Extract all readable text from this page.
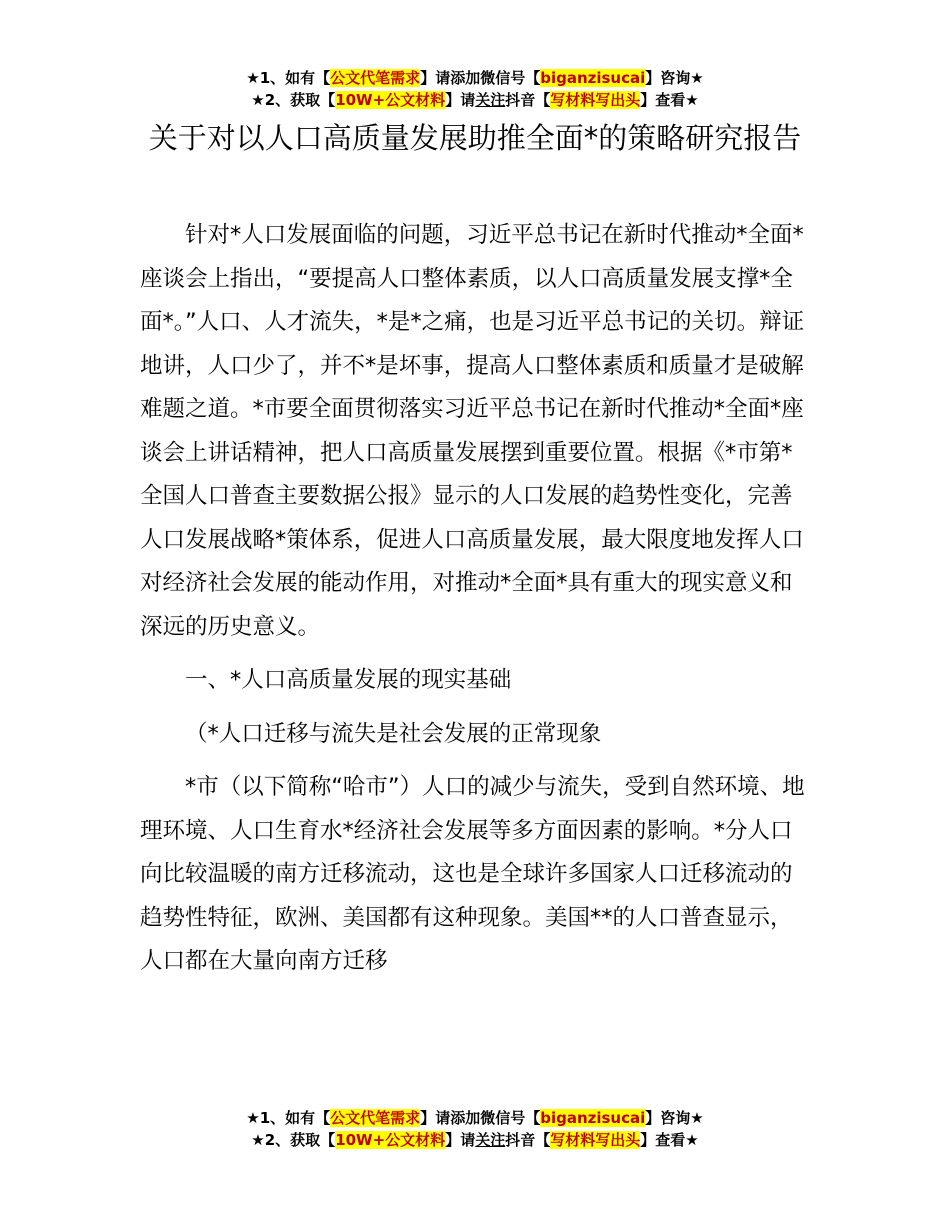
★1、如有【公文代笔需求】请添加微信号【biganzisucai】咨询★
★2、获取【10W+公文材料】请关注抖音【写材料写出头】查看★
关于对以人口高质量发展助推全面*的策略研究报告

针对*人口发展面临的问题，习近平总书记在新时代推动*全面*座谈会上指出，“要提高人口整体素质，以人口高质量发展支撑*全面*。”人口、人才流失，*是*之痛，也是习近平总书记的关切。辩证地讲，人口少了，并不*是坏事，提高人口整体素质和质量才是破解难题之道。*市要全面贯彻落实习近平总书记在新时代推动*全面*座谈会上讲话精神，把人口高质量发展摆到重要位置。根据《*市第*全国人口普查主要数据公报》显示的人口发展的趋势性变化，完善人口发展战略*策体系，促进人口高质量发展，最大限度地发挥人口对经济社会发展的能动作用，对推动*全面*具有重大的现实意义和深远的历史意义。

一、*人口高质量发展的现实基础

（*人口迁移与流失是社会发展的正常现象

*市（以下简称“哈市”）人口的减少与流失，受到自然环境、地理环境、人口生育水*经济社会发展等多方面因素的影响。*分人口向比较温暖的南方迁移流动，这也是全球许多国家人口迁移流动的趋势性特征，欧洲、美国都有这种现象。美国**的人口普查显示，人口都在大量向南方迁移

★1、如有【公文代笔需求】请添加微信号【biganzisucai】咨询★
★2、获取【10W+公文材料】请关注抖音【写材料写出头】查看★
